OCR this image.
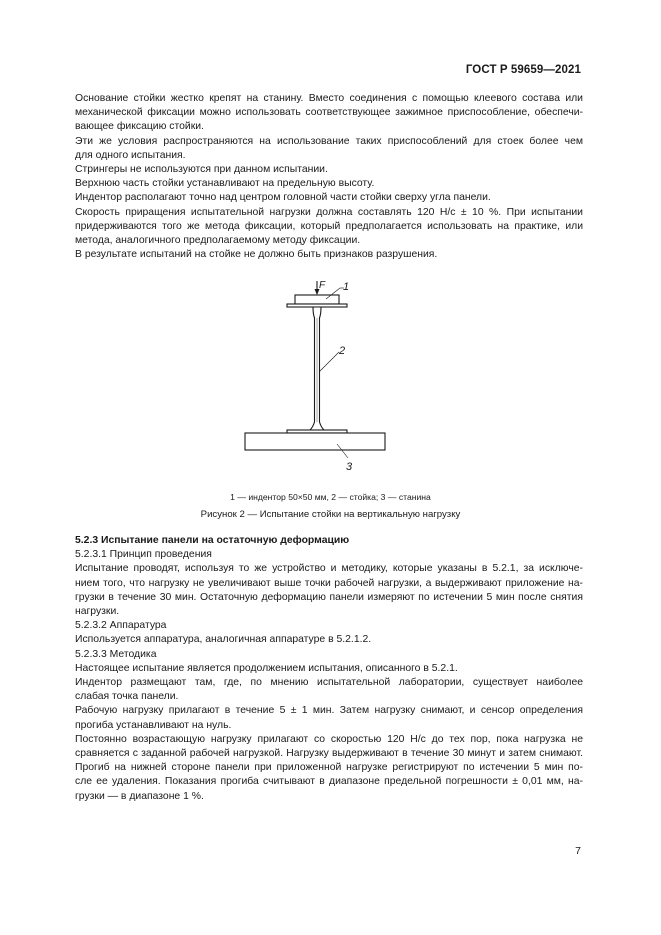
ГОСТ Р 59659—2021
Основание стойки жестко крепят на станину. Вместо соединения с помощью клеевого состава или
механической фиксации можно использовать соответствующее зажимное приспособление, обеспечи-
вающее фиксацию стойки.
Эти же условия распространяются на использование таких приспособлений для стоек более чем
для одного испытания.
Стрингеры не используются при данном испытании.
Верхнюю часть стойки устанавливают на предельную высоту.
Индентор располагают точно над центром головной части стойки сверху угла панели.
Скорость приращения испытательной нагрузки должна составлять 120 Н/с ± 10 %. При испытании
придерживаются того же метода фиксации, который предполагается использовать на практике, или
метода, аналогичного предполагаемому методу фиксации.
В результате испытаний на стойке не должно быть признаков разрушения.
F 1
2
3
1 — индентор 50×50 мм, 2 — стойка; 3 — станина
Рисунок 2 — Испытание стойки на вертикальную нагрузку
5.2.3 Испытание панели на остаточную деформацию
5.2.3.1 Принцип проведения
Испытание проводят, используя то же устройство и методику, которые указаны в 5.2.1, за исключе-
нием того, что нагрузку не увеличивают выше точки рабочей нагрузки, а выдерживают приложение на-
грузки в течение 30 мин. Остаточную деформацию панели измеряют по истечении 5 мин после снятия
нагрузки.
5.2.3.2 Аппаратура
Используется аппаратура, аналогичная аппаратуре в 5.2.1.2.
5.2.3.3 Методика
Настоящее испытание является продолжением испытания, описанного в 5.2.1.
Индентор размещают там, где, по мнению испытательной лаборатории, существует наиболее
слабая точка панели.
Рабочую нагрузку прилагают в течение 5 ± 1 мин. Затем нагрузку снимают, и сенсор определения
прогиба устанавливают на нуль.
Постоянно возрастающую нагрузку прилагают со скоростью 120 Н/с до тех пор, пока нагрузка не
сравняется с заданной рабочей нагрузкой. Нагрузку выдерживают в течение 30 минут и затем снимают.
Прогиб на нижней стороне панели при приложенной нагрузке регистрируют по истечении 5 мин по-
сле ее удаления. Показания прогиба считывают в диапазоне предельной погрешности ± 0,01 мм, на-
грузки — в диапазоне 1 %.
7
